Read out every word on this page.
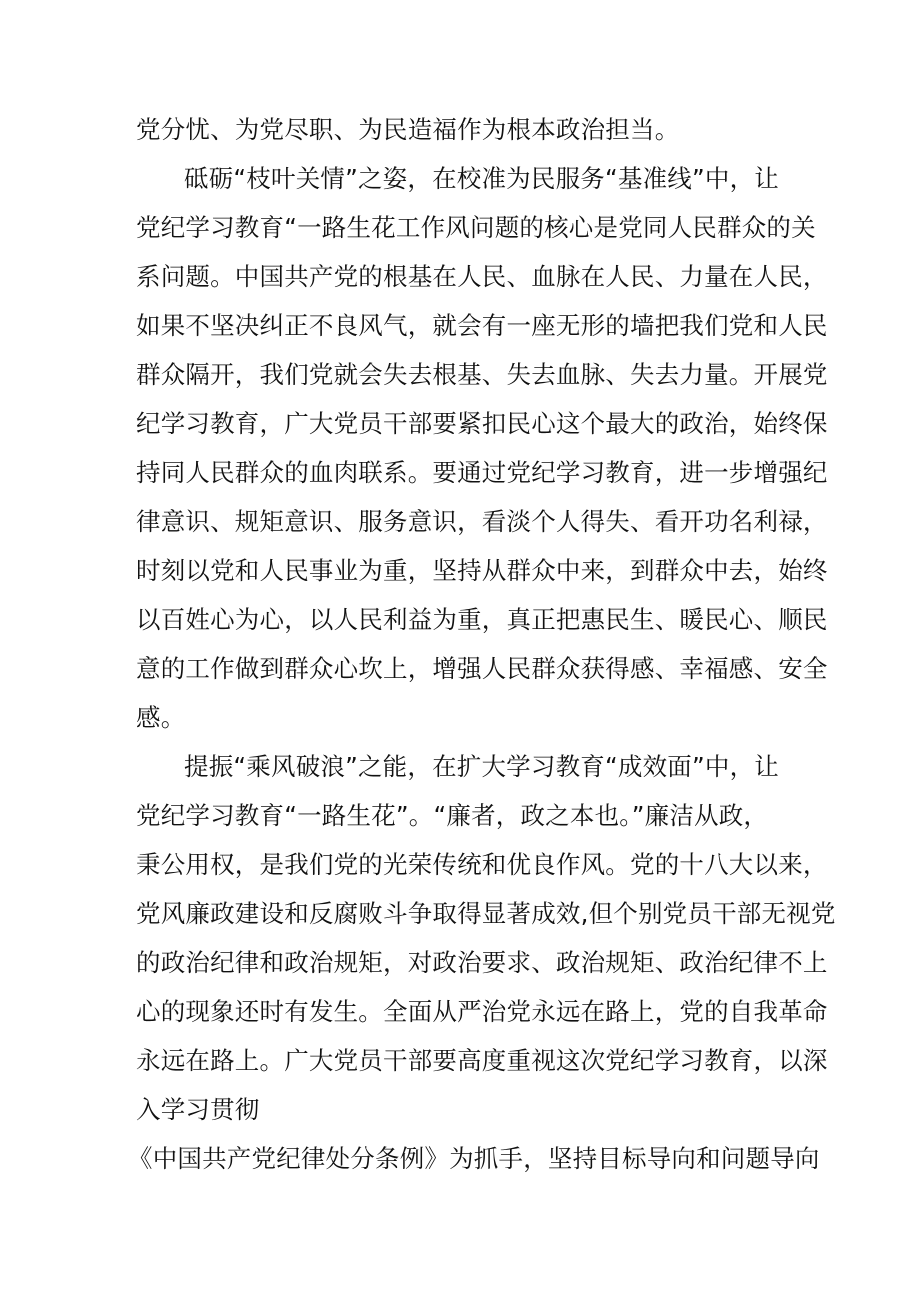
党分忧、为党尽职、为民造福作为根本政治担当。
砥砺“枝叶关情”之姿，在校准为民服务“基准线”中，让
党纪学习教育“一路生花工作风问题的核心是党同人民群众的关
系问题。中国共产党的根基在人民、血脉在人民、力量在人民，
如果不坚决纠正不良风气，就会有一座无形的墙把我们党和人民
群众隔开，我们党就会失去根基、失去血脉、失去力量。开展党
纪学习教育，广大党员干部要紧扣民心这个最大的政治，始终保
持同人民群众的血肉联系。要通过党纪学习教育，进一步增强纪
律意识、规矩意识、服务意识，看淡个人得失、看开功名利禄，
时刻以党和人民事业为重，坚持从群众中来，到群众中去，始终
以百姓心为心，以人民利益为重，真正把惠民生、暖民心、顺民
意的工作做到群众心坎上，增强人民群众获得感、幸福感、安全
感。
提振“乘风破浪”之能，在扩大学习教育“成效面”中，让
党纪学习教育“一路生花”。“廉者，政之本也。”廉洁从政，
秉公用权，是我们党的光荣传统和优良作风。党的十八大以来，
党风廉政建设和反腐败斗争取得显著成效,但个别党员干部无视党
的政治纪律和政治规矩，对政治要求、政治规矩、政治纪律不上
心的现象还时有发生。全面从严治党永远在路上，党的自我革命
永远在路上。广大党员干部要高度重视这次党纪学习教育，以深
入学习贯彻
《中国共产党纪律处分条例》为抓手，坚持目标导向和问题导向
